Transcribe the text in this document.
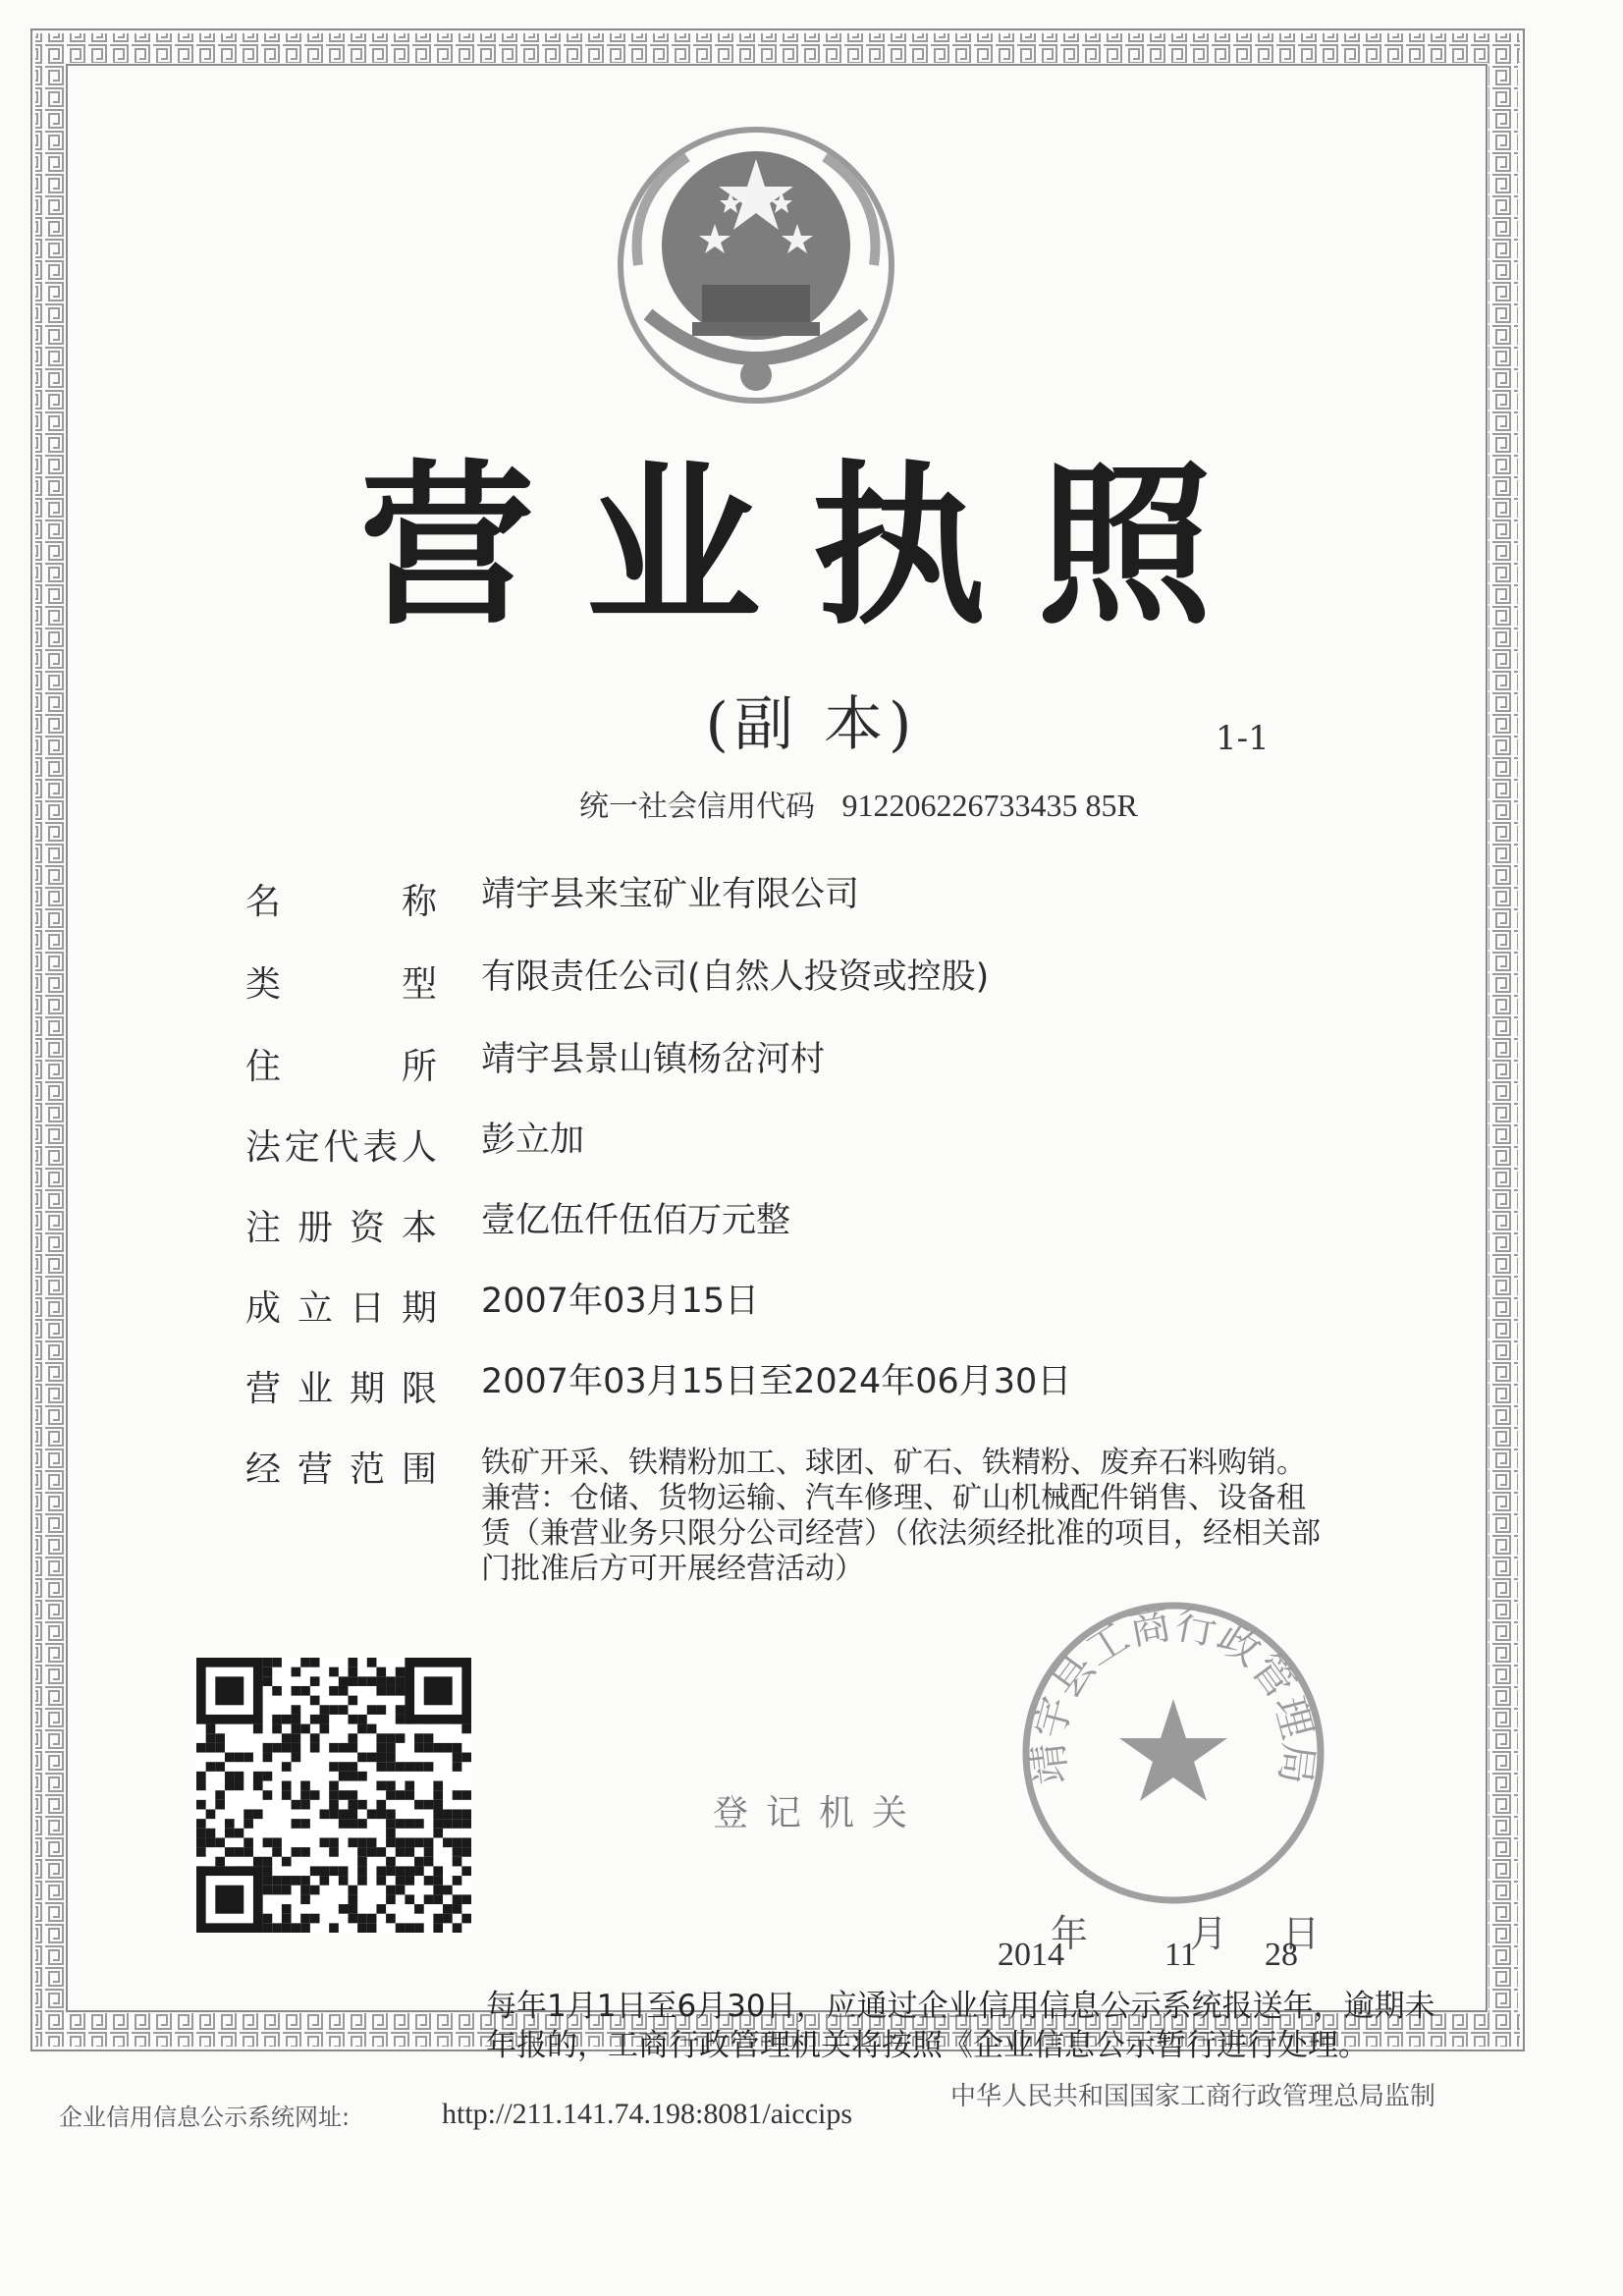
营业执照
(副 本)	1-1
统一社会信用代码 912206226733435 85R
名	称 靖宇县来宝矿业有限公司
类	型 有限责任公司(自然人投资或控股)
住	所 靖宇县景山镇杨岔河村
法 定 代 表 人 彭立加
注 册 资 本 壹亿伍仟伍佰万元整
成 立 日 期 2007年03月15日
营 业 期 限 2007年03月15日至2024年06月30日
经 营 范 围 铁矿开采、铁精粉加工、球团、矿石、铁精粉、废弃石料购销。 兼营：仓储、货物运输、汽车修理、矿山机械配件销售、设备租赁（兼营业务只限分公司经营）（依法须经批准的项目，经相关部门批准后方可开展经营活动）
登记机关
靖宇县工商行政管理局
年	月 日
2014	11 28
每年1月1日至6月30日，应通过企业信用信息公示系统报送年，逾期未年报的，工商行政管理机关将按照《企业信息公示暂行进行处理。
企业信用信息公示系统网址:	http://211.141.74.198:8081/aiccips
中华人民共和国国家工商行政管理总局监制
